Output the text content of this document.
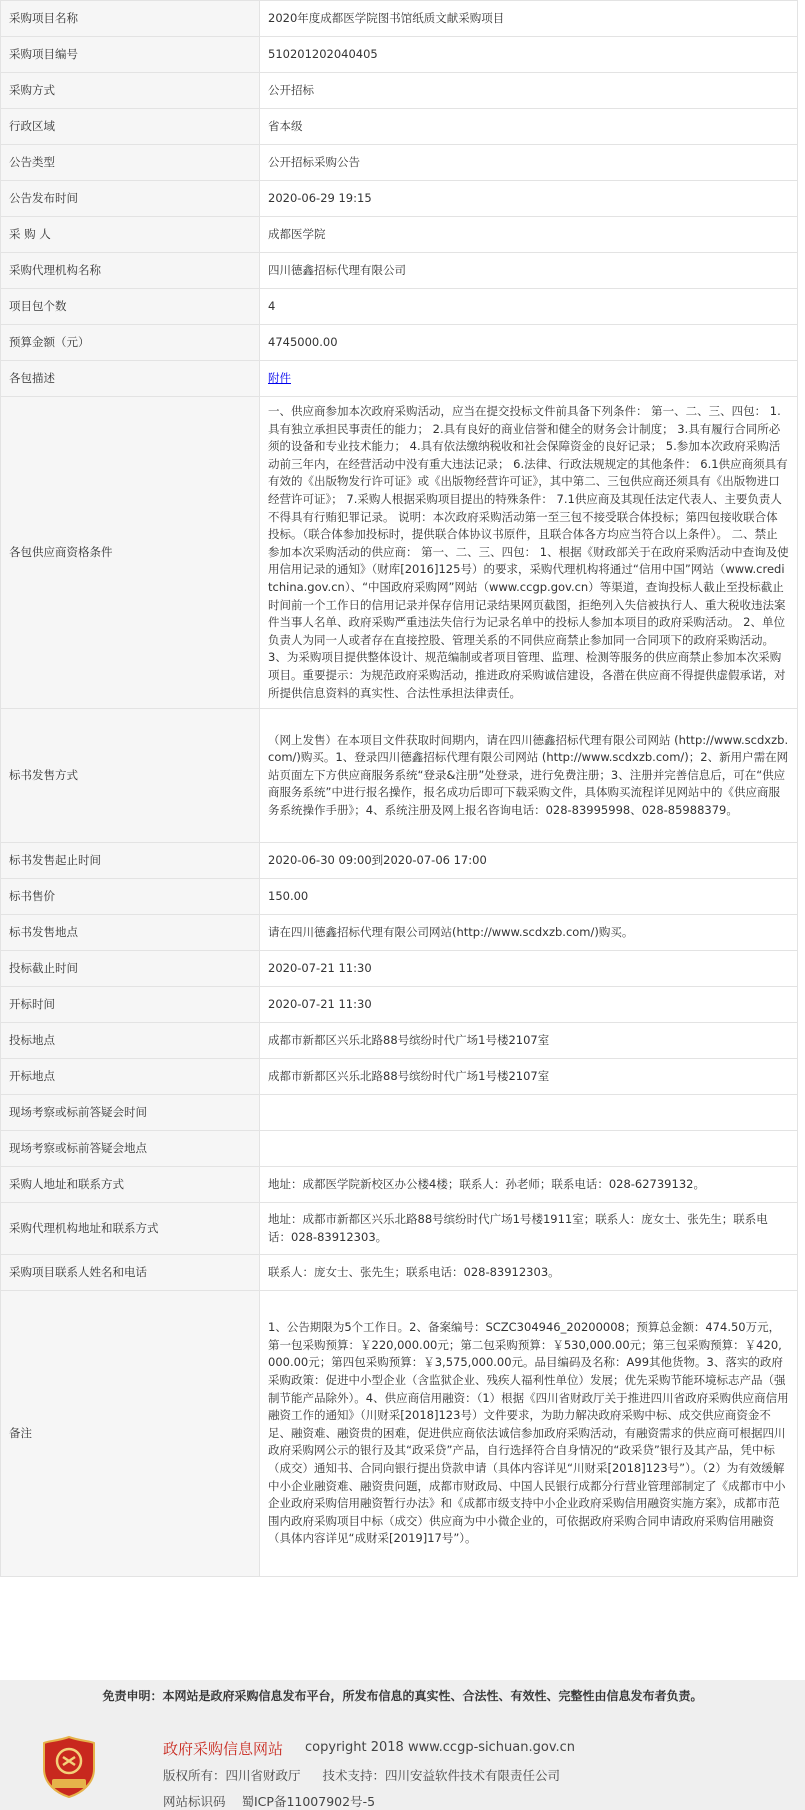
采购项目名称	2020年度成都医学院图书馆纸质文献采购项目
采购项目编号	510201202040405
采购方式	公开招标
行政区域	省本级
公告类型	公开招标采购公告
公告发布时间	2020-06-29 19:15
采 购 人	成都医学院
采购代理机构名称	四川德鑫招标代理有限公司
项目包个数	4
预算金额（元）	4745000.00
各包描述	附件
各包供应商资格条件	一、供应商参加本次政府采购活动，应当在提交投标文件前具备下列条件： 第一、二、三、四包： 1.具有独立承担民事责任的能力； 2.具有良好的商业信誉和健全的财务会计制度； 3.具有履行合同所必须的设备和专业技术能力； 4.具有依法缴纳税收和社会保障资金的良好记录； 5.参加本次政府采购活动前三年内，在经营活动中没有重大违法记录； 6.法律、行政法规规定的其他条件： 6.1供应商须具有有效的《出版物发行许可证》或《出版物经营许可证》，其中第二、三包供应商还须具有《出版物进口经营许可证》； 7.采购人根据采购项目提出的特殊条件： 7.1供应商及其现任法定代表人、主要负责人不得具有行贿犯罪记录。 说明：本次政府采购活动第一至三包不接受联合体投标；第四包接收联合体投标。（联合体参加投标时，提供联合体协议书原件，且联合体各方均应当符合以上条件）。 二、禁止参加本次采购活动的供应商： 第一、二、三、四包： 1、根据《财政部关于在政府采购活动中查询及使用信用记录的通知》（财库[2016]125号）的要求，采购代理机构将通过“信用中国”网站（www.creditchina.gov.cn）、“中国政府采购网”网站（www.ccgp.gov.cn）等渠道，查询投标人截止至投标截止时间前一个工作日的信用记录并保存信用记录结果网页截图，拒绝列入失信被执行人、重大税收违法案件当事人名单、政府采购严重违法失信行为记录名单中的投标人参加本项目的政府采购活动。 2、单位负责人为同一人或者存在直接控股、管理关系的不同供应商禁止参加同一合同项下的政府采购活动。 3、为采购项目提供整体设计、规范编制或者项目管理、监理、检测等服务的供应商禁止参加本次采购项目。重要提示：为规范政府采购活动，推进政府采购诚信建设，各潜在供应商不得提供虚假承诺，对所提供信息资料的真实性、合法性承担法律责任。
标书发售方式	（网上发售）在本项目文件获取时间期内，请在四川德鑫招标代理有限公司网站 (http://www.scdxzb.com/)购买。1、登录四川德鑫招标代理有限公司网站 (http://www.scdxzb.com/)；2、新用户需在网站页面左下方供应商服务系统“登录&注册”处登录，进行免费注册；3、注册并完善信息后，可在“供应商服务系统”中进行报名操作，报名成功后即可下载采购文件，具体购买流程详见网站中的《供应商服务系统操作手册》；4、系统注册及网上报名咨询电话：028-83995998、028-85988379。
标书发售起止时间	2020-06-30 09:00到2020-07-06 17:00
标书售价	150.00
标书发售地点	请在四川德鑫招标代理有限公司网站(http://www.scdxzb.com/)购买。
投标截止时间	2020-07-21 11:30
开标时间	2020-07-21 11:30
投标地点	成都市新都区兴乐北路88号缤纷时代广场1号楼2107室
开标地点	成都市新都区兴乐北路88号缤纷时代广场1号楼2107室
现场考察或标前答疑会时间	
现场考察或标前答疑会地点	
采购人地址和联系方式	地址：成都医学院新校区办公楼4楼；联系人：孙老师；联系电话：028-62739132。
采购代理机构地址和联系方式	地址：成都市新都区兴乐北路88号缤纷时代广场1号楼1911室；联系人：庞女士、张先生；联系电话：028-83912303。
采购项目联系人姓名和电话	联系人：庞女士、张先生；联系电话：028-83912303。
备注	1、公告期限为5个工作日。2、备案编号：SCZC304946_20200008；预算总金额：474.50万元，第一包采购预算：￥220,000.00元；第二包采购预算：￥530,000.00元；第三包采购预算：￥420,000.00元；第四包采购预算：￥3,575,000.00元。品目编码及名称：A99其他货物。3、落实的政府采购政策：促进中小型企业（含监狱企业、残疾人福利性单位）发展；优先采购节能环境标志产品（强制节能产品除外）。4、供应商信用融资：（1）根据《四川省财政厅关于推进四川省政府采购供应商信用融资工作的通知》（川财采[2018]123号）文件要求，为助力解决政府采购中标、成交供应商资金不足、融资难、融资贵的困难，促进供应商依法诚信参加政府采购活动，有融资需求的供应商可根据四川政府采购网公示的银行及其“政采贷”产品，自行选择符合自身情况的“政采贷”银行及其产品，凭中标（成交）通知书、合同向银行提出贷款申请（具体内容详见“川财采[2018]123号”）。（2）为有效缓解中小企业融资难、融资贵问题，成都市财政局、中国人民银行成都分行营业管理部制定了《成都市中小企业政府采购信用融资暂行办法》和《成都市级支持中小企业政府采购信用融资实施方案》，成都市范围内政府采购项目中标（成交）供应商为中小微企业的，可依据政府采购合同申请政府采购信用融资（具体内容详见“成财采[2019]17号”）。
免责申明：本网站是政府采购信息发布平台，所发布信息的真实性、合法性、有效性、完整性由信息发布者负责。
政府采购信息网站 copyright 2018 www.ccgp-sichuan.gov.cn
版权所有：四川省财政厅 技术支持：四川安益软件技术有限责任公司
网站标识码 蜀ICP备11007902号-5
